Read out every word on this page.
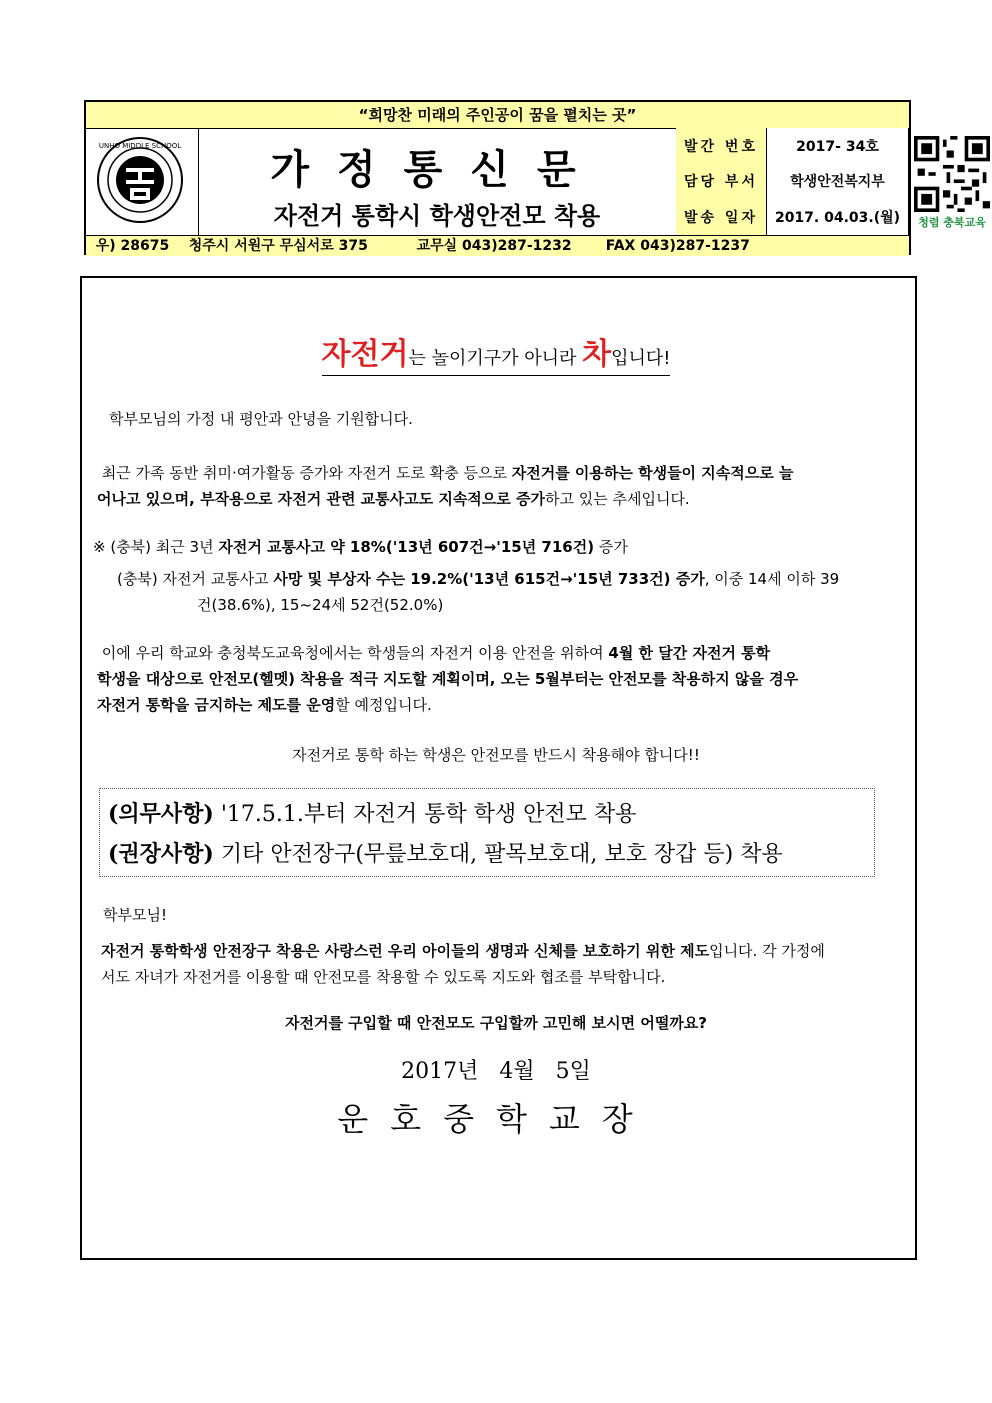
“희망찬 미래의 주인공이 꿈을 펼치는 곳”
UNHO MIDDLE SCHOOL	가정통신문
자전거 통학시 학생안전모 착용
발간 번호	2017- 34호
담당 부서	학생안전복지부
발송 일자	2017. 04.03.(월)	청렴 충북교육
우) 28675    청주시 서원구 무심서로 375          교무실 043)287-1232       FAX 043)287-1237
자전거는 놀이기구가 아니라 차입니다!
학부모님의 가정 내 평안과 안녕을 기원합니다.
최근 가족 동반 취미·여가활동 증가와 자전거 도로 확충 등으로 자전거를 이용하는 학생들이 지속적으로 늘
어나고 있으며, 부작용으로 자전거 관련 교통사고도 지속적으로 증가하고 있는 추세입니다.
※ (충북) 최근 3년 자전거 교통사고 약 18%('13년 607건→'15년 716건) 증가
(충북) 자전거 교통사고 사망 및 부상자 수는 19.2%('13년 615건→'15년 733건) 증가, 이중 14세 이하 39
건(38.6%), 15~24세 52건(52.0%)
이에 우리 학교와 충청북도교육청에서는 학생들의 자전거 이용 안전을 위하여 4월 한 달간 자전거 통학
학생을 대상으로 안전모(헬멧) 착용을 적극 지도할 계획이며, 오는 5월부터는 안전모를 착용하지 않을 경우
자전거 통학을 금지하는 제도를 운영할 예정입니다.
자전거로 통학 하는 학생은 안전모를 반드시 착용해야 합니다!!
(의무사항) '17.5.1.부터 자전거 통학 학생 안전모 착용
(권장사항) 기타 안전장구(무릎보호대, 팔목보호대, 보호 장갑 등) 착용
학부모님!
자전거 통학학생 안전장구 착용은 사랑스런 우리 아이들의 생명과 신체를 보호하기 위한 제도입니다. 각 가정에
서도 자녀가 자전거를 이용할 때 안전모를 착용할 수 있도록 지도와 협조를 부탁합니다.
자전거를 구입할 때 안전모도 구입할까 고민해 보시면 어떨까요?
2017년   4월   5일
운호중학교장
